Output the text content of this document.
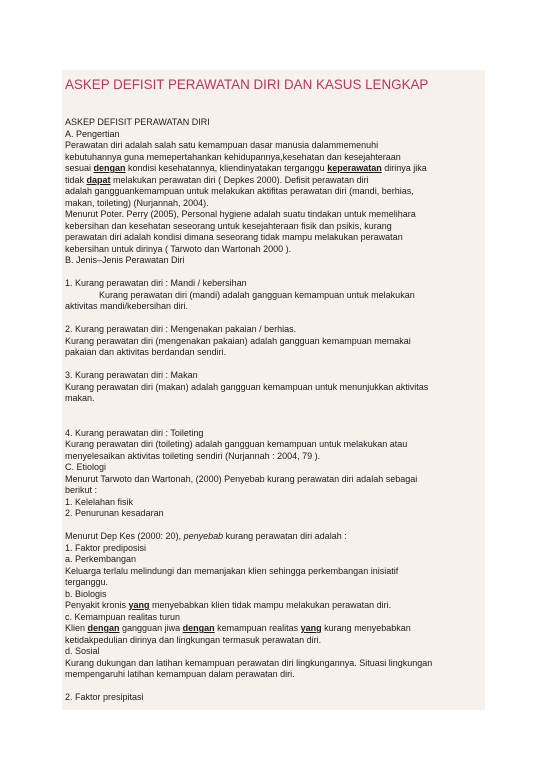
ASKEP DEFISIT PERAWATAN DIRI DAN KASUS LENGKAP

ASKEP DEFISIT PERAWATAN DIRI

A. Pengertian

Perawatan diri adalah salah satu kemampuan dasar manusia dalammemenuhi

kebutuhannya guna memepertahankan kehidupannya,kesehatan dan kesejahteraan

sesuai dengan kondisi kesehatannya, kliendinyatakan terganggu keperawatan dirinya jika

tidak dapat melakukan perawatan diri ( Depkes 2000). Defisit perawatan diri

adalah gangguankemampuan untuk melakukan aktifitas perawatan diri (mandi, berhias,

makan, toileting) (Nurjannah, 2004).

Menurut Poter. Perry (2005), Personal hygiene adalah suatu tindakan untuk memelihara

kebersihan dan kesehatan seseorang untuk kesejahteraan fisik dan psikis, kurang

perawatan diri adalah kondisi dimana seseorang tidak mampu melakukan perawatan

kebersihan untuk dirinya ( Tarwoto dan Wartonah 2000 ).

B. Jenis–Jenis Perawatan Diri

1. Kurang perawatan diri : Mandi / kebersihan

Kurang perawatan diri (mandi) adalah gangguan kemampuan untuk melakukan

aktivitas mandi/kebersihan diri.

2. Kurang perawatan diri : Mengenakan pakaian / berhias.

Kurang perawatan diri (mengenakan pakaian) adalah gangguan kemampuan memakai

pakaian dan aktivitas berdandan sendiri.

3. Kurang perawatan diri : Makan

Kurang perawatan diri (makan) adalah gangguan kemampuan untuk menunjukkan aktivitas

makan.

4. Kurang perawatan diri : Toileting

Kurang perawatan diri (toileting) adalah gangguan kemampuan untuk melakukan atau

menyelesaikan aktivitas toileting sendiri (Nurjannah : 2004, 79 ).

C. Etiologi

Menurut Tarwoto dan Wartonah, (2000) Penyebab kurang perawatan diri adalah sebagai

berikut :

1. Kelelahan fisik

2. Penurunan kesadaran

Menurut Dep Kes (2000: 20), penyebab kurang perawatan diri adalah :

1. Faktor prediposisi

a. Perkembangan

Keluarga terlalu melindungi dan memanjakan klien sehingga perkembangan inisiatif

terganggu.

b. Biologis

Penyakit kronis yang menyebabkan klien tidak mampu melakukan perawatan diri.

c. Kemampuan realitas turun

Klien dengan gangguan jiwa dengan kemampuan realitas yang kurang menyebabkan

ketidakpedulian dirinya dan lingkungan termasuk perawatan diri.

d. Sosial

Kurang dukungan dan latihan kemampuan perawatan diri lingkungannya. Situasi lingkungan

mempengaruhi latihan kemampuan dalam perawatan diri.

2. Faktor presipitasi
